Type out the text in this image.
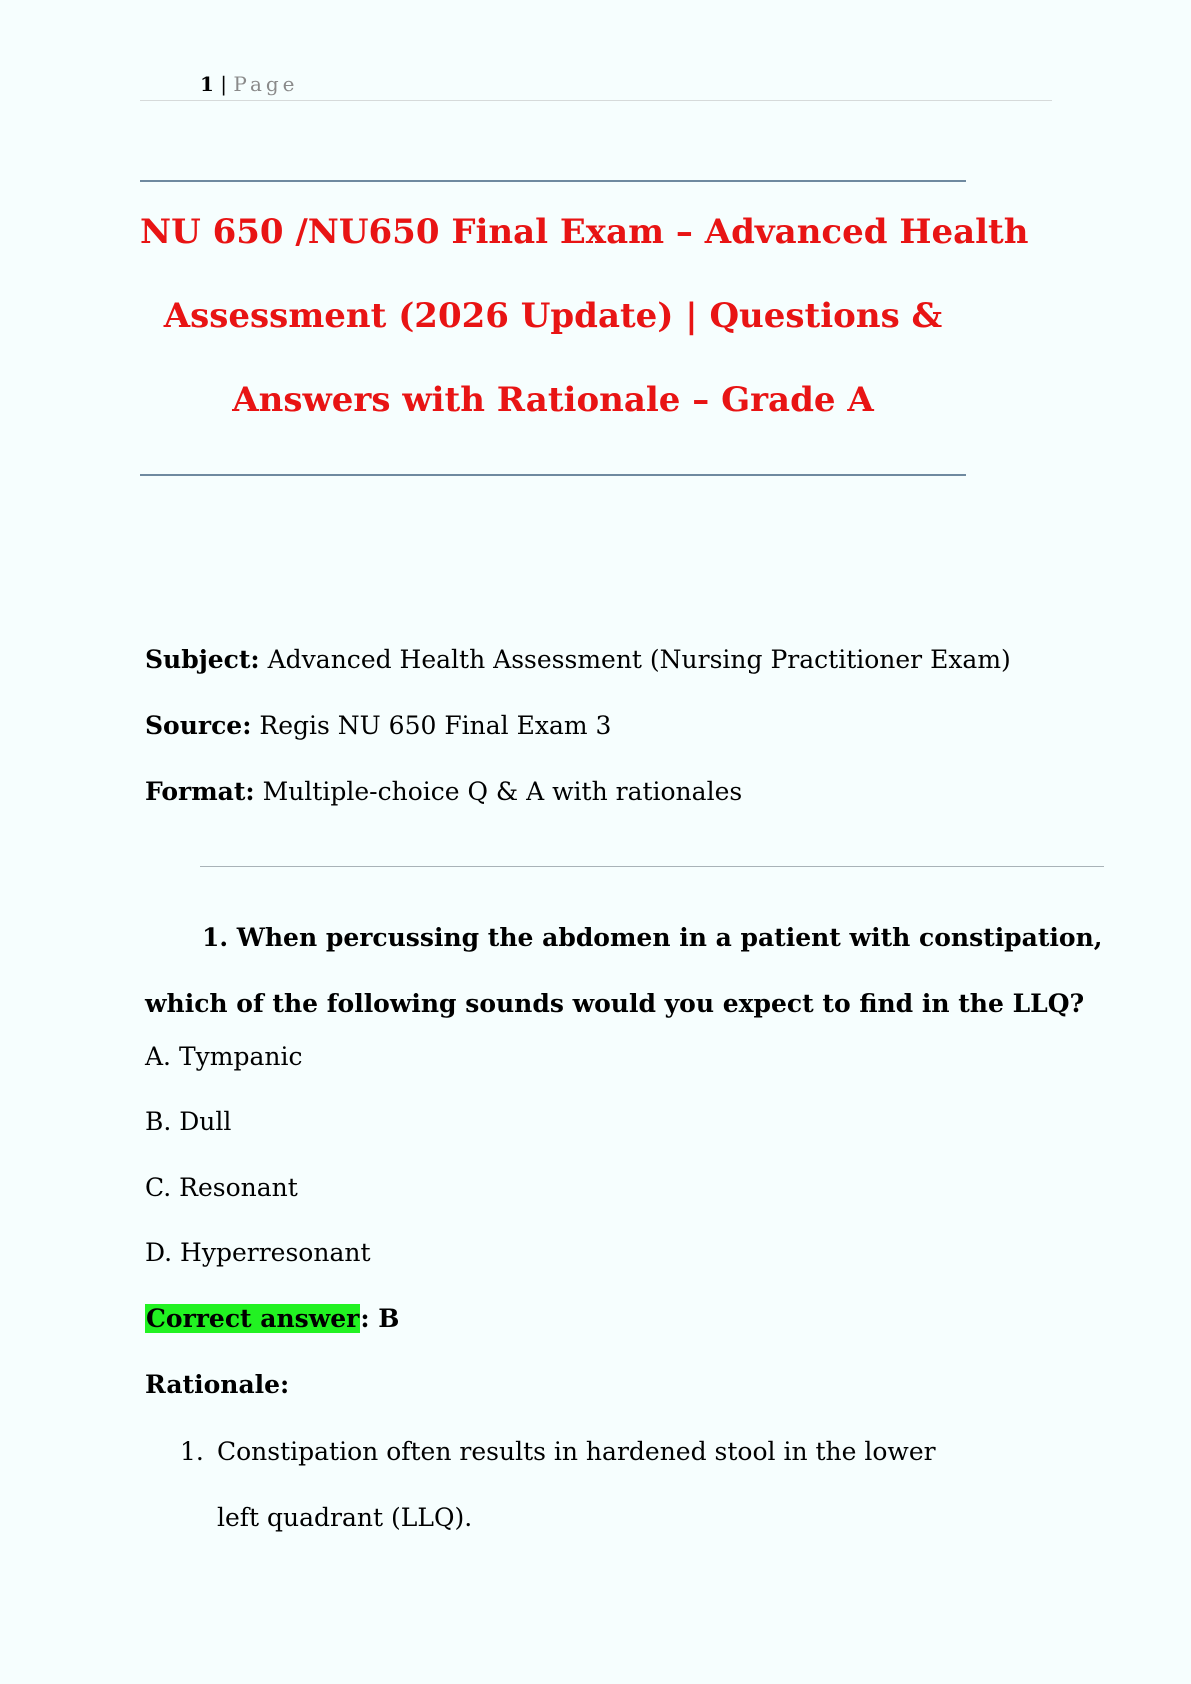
1 | Page
NU 650 /NU650 Final Exam – Advanced Health
Assessment (2026 Update) | Questions &
Answers with Rationale – Grade A
Subject: Advanced Health Assessment (Nursing Practitioner Exam)
Source: Regis NU 650 Final Exam 3
Format: Multiple-choice Q & A with rationales
1. When percussing the abdomen in a patient with constipation,
which of the following sounds would you expect to find in the LLQ?
A. Tympanic
B. Dull
C. Resonant
D. Hyperresonant
Correct answer: B
Rationale:
1. Constipation often results in hardened stool in the lower left quadrant (LLQ).
